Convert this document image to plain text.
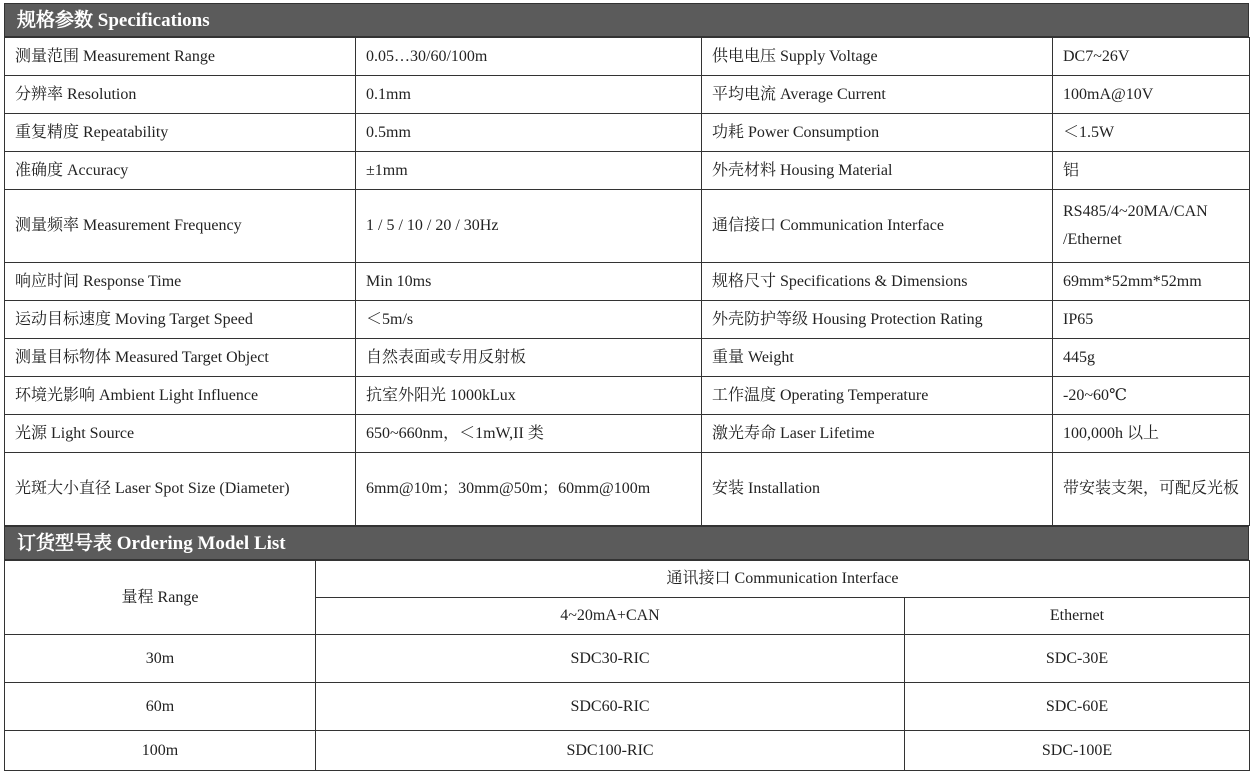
规格参数 Specifications
测量范围 Measurement Range	0.05…30/60/100m	供电电压 Supply Voltage	DC7~26V
分辨率 Resolution	0.1mm	平均电流 Average Current	100mA@10V
重复精度 Repeatability	0.5mm	功耗 Power Consumption	＜1.5W
准确度 Accuracy	±1mm	外壳材料 Housing Material	铝
测量频率 Measurement Frequency	1 / 5 / 10 / 20 / 30Hz	通信接口 Communication Interface	RS485/4~20MA/CAN /Ethernet
响应时间 Response Time	Min 10ms	规格尺寸 Specifications & Dimensions	69mm*52mm*52mm
运动目标速度 Moving Target Speed	＜5m/s	外壳防护等级 Housing Protection Rating	IP65
测量目标物体 Measured Target Object	自然表面或专用反射板	重量 Weight	445g
环境光影响 Ambient Light Influence	抗室外阳光 1000kLux	工作温度 Operating Temperature	-20~60℃
光源 Light Source	650~660nm，＜1mW,II 类	激光寿命 Laser Lifetime	100,000h 以上
光斑大小直径 Laser Spot Size (Diameter)	6mm@10m；30mm@50m；60mm@100m	安装 Installation	带安装支架，可配反光板
订货型号表 Ordering Model List
量程 Range	通讯接口 Communication Interface	
	4~20mA+CAN	Ethernet
30m	SDC30-RIC	SDC-30E
60m	SDC60-RIC	SDC-60E
100m	SDC100-RIC	SDC-100E
